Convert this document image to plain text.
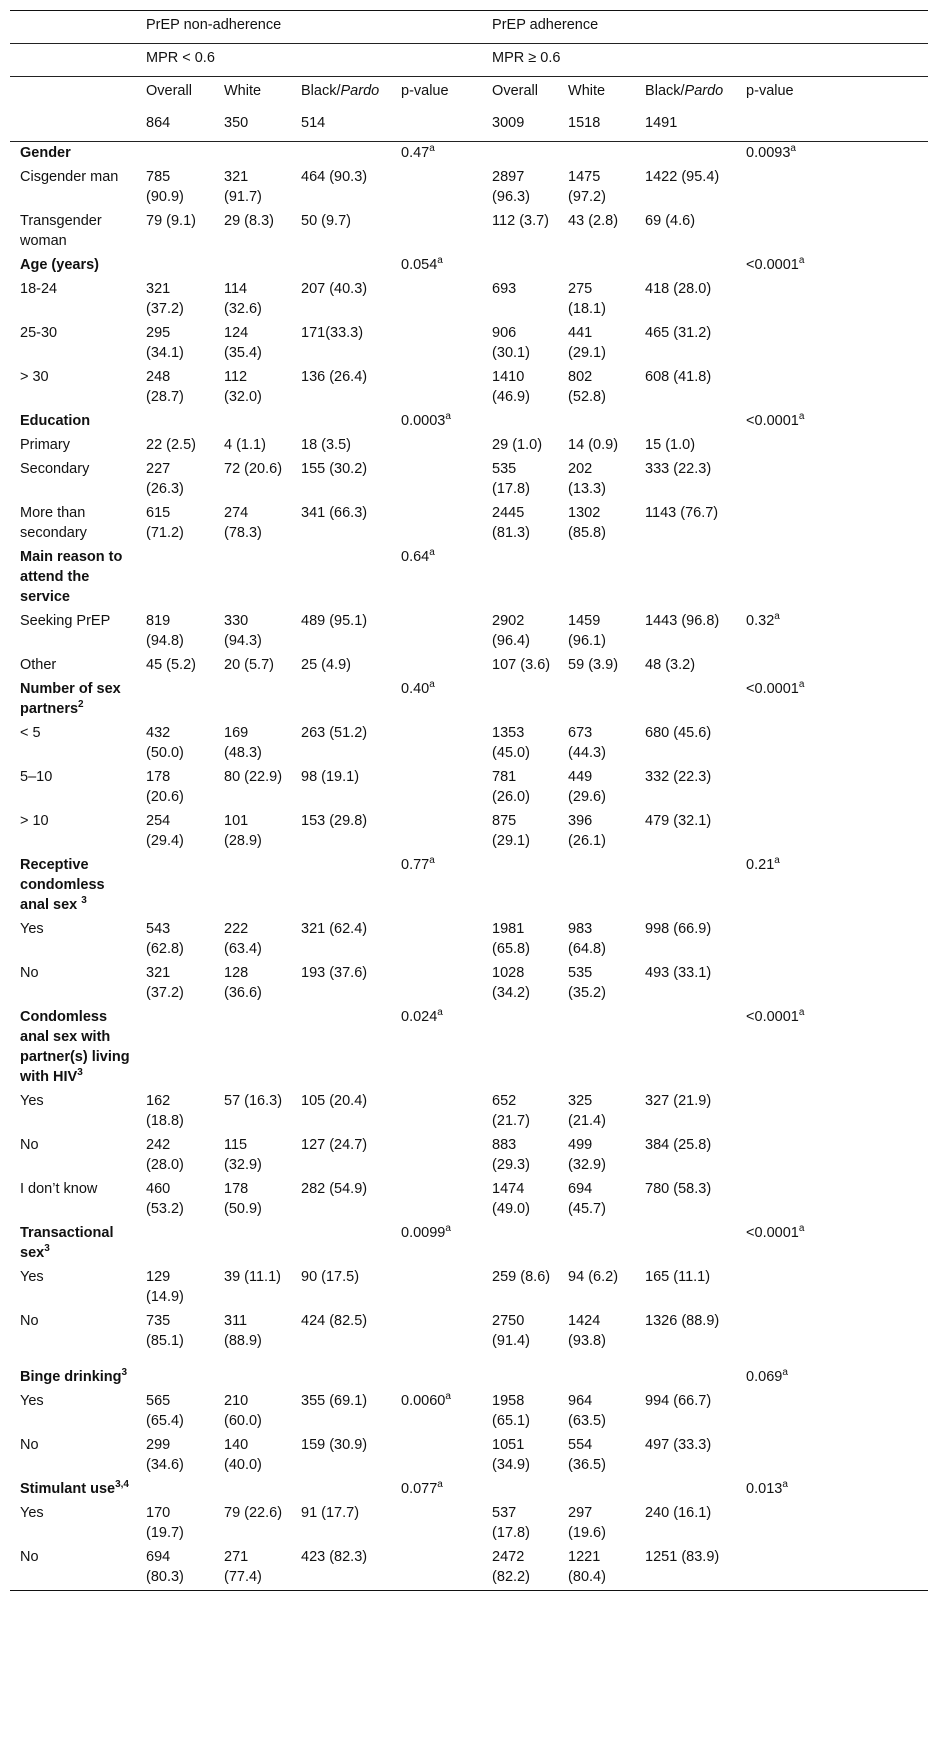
	PrEP non-adherence				PrEP adherence			
	MPR < 0.6				MPR ≥ 0.6			
	Overall	White	Black/Pardo	p-value	Overall	White	Black/Pardo	p-value
	864	350	514		3009	1518	1491	
Gender				0.47$^a$				0.0093$^a$
Cisgender man	785 (90.9)	321 (91.7)	464 (90.3)		2897 (96.3)	1475 (97.2)	1422 (95.4)	
Transgender woman	79 (9.1)	29 (8.3)	50 (9.7)		112 (3.7)	43 (2.8)	69 (4.6)	
Age (years)				0.054$^a$				<0.0001$^a$
18-24	321 (37.2)	114 (32.6)	207 (40.3)		693	275 (18.1)	418 (28.0)	
25-30	295 (34.1)	124 (35.4)	171(33.3)		906 (30.1)	441 (29.1)	465 (31.2)	
> 30	248 (28.7)	112 (32.0)	136 (26.4)		1410 (46.9)	802 (52.8)	608 (41.8)	
Education				0.0003$^a$				<0.0001$^a$
Primary	22 (2.5)	4 (1.1)	18 (3.5)		29 (1.0)	14 (0.9)	15 (1.0)	
Secondary	227 (26.3)	72 (20.6)	155 (30.2)		535 (17.8)	202 (13.3)	333 (22.3)	
More than secondary	615 (71.2)	274 (78.3)	341 (66.3)		2445 (81.3)	1302 (85.8)	1143 (76.7)	
Main reason to attend the service				0.64$^a$				
Seeking PrEP	819 (94.8)	330 (94.3)	489 (95.1)		2902 (96.4)	1459 (96.1)	1443 (96.8)	0.32$^a$
Other	45 (5.2)	20 (5.7)	25 (4.9)		107 (3.6)	59 (3.9)	48 (3.2)	
Number of sex partners$^2$				0.40$^a$				<0.0001$^a$
< 5	432 (50.0)	169 (48.3)	263 (51.2)		1353 (45.0)	673 (44.3)	680 (45.6)	
5–10	178 (20.6)	80 (22.9)	98 (19.1)		781 (26.0)	449 (29.6)	332 (22.3)	
> 10	254 (29.4)	101 (28.9)	153 (29.8)		875 (29.1)	396 (26.1)	479 (32.1)	
Receptive condomless anal sex $^3$				0.77$^a$				0.21$^a$
Yes	543 (62.8)	222 (63.4)	321 (62.4)		1981 (65.8)	983 (64.8)	998 (66.9)	
No	321 (37.2)	128 (36.6)	193 (37.6)		1028 (34.2)	535 (35.2)	493 (33.1)	
Condomless anal sex with partner(s) living with HIV$^3$				0.024$^a$				<0.0001$^a$
Yes	162 (18.8)	57 (16.3)	105 (20.4)		652 (21.7)	325 (21.4)	327 (21.9)	
No	242 (28.0)	115 (32.9)	127 (24.7)		883 (29.3)	499 (32.9)	384 (25.8)	
I don’t know	460 (53.2)	178 (50.9)	282 (54.9)		1474 (49.0)	694 (45.7)	780 (58.3)	
Transactional sex$^3$				0.0099$^a$				<0.0001$^a$
Yes	129 (14.9)	39 (11.1)	90 (17.5)		259 (8.6)	94 (6.2)	165 (11.1)	
No	735 (85.1)	311 (88.9)	424 (82.5)		2750 (91.4)	1424 (93.8)	1326 (88.9)	

Binge drinking$^3$								0.069$^a$
Yes	565 (65.4)	210 (60.0)	355 (69.1)	0.0060$^a$	1958 (65.1)	964 (63.5)	994 (66.7)	
No	299 (34.6)	140 (40.0)	159 (30.9)		1051 (34.9)	554 (36.5)	497 (33.3)	
Stimulant use$^{3,4}$				0.077$^a$				0.013$^a$
Yes	170 (19.7)	79 (22.6)	91 (17.7)		537 (17.8)	297 (19.6)	240 (16.1)	
No	694 (80.3)	271 (77.4)	423 (82.3)		2472 (82.2)	1221 (80.4)	1251 (83.9)	
